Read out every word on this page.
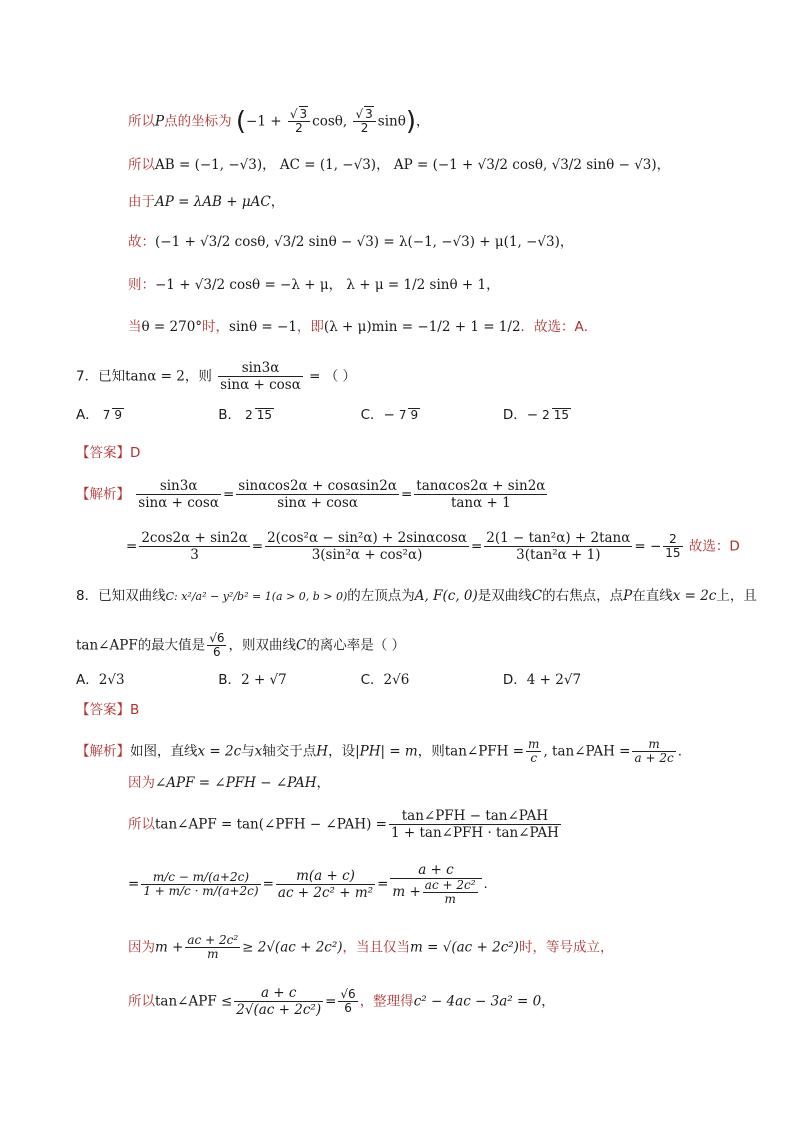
所以P点的坐标为 ($-1 + \frac{√ 3}{2} \cos\theta$, $\frac{√ 3}{2} \sin\theta$)，
所以AB = (−1, −√3)， AC = (1, −√3)， AP = (−1 + √3/2 cosθ, √3/2 sinθ − √3)，
由于AP = λAB + μAC，
故：(−1 + √3/2 cosθ, √3/2 sinθ − √3) = λ(−1, −√3) + μ(1, −√3)，
则：−1 + √3/2 cosθ = −λ + μ， λ + μ = 1/2 sinθ + 1，
当θ = 270°时，sinθ = −1，即(λ + μ)min = −1/2 + 1 = 1/2．故选：A．
7．已知tanα = 2，则 $\frac{\sin 3\alpha}{\sin\alpha + \cos\alpha}$ = （ ）
A． 7 9	B． 2 15	C．− 7 9	D．− 2 15
【答案】D
【解析】 $\frac{\sin 3\alpha}{\sin\alpha + \cos\alpha} = \frac{\sin\alpha\cos 2\alpha + \cos\alpha\sin 2\alpha}{\sin\alpha + \cos\alpha} = \frac{\tan\alpha\cos 2\alpha + \sin 2\alpha}{\tan\alpha + 1}$
= $\frac{2\cos 2\alpha + \sin 2\alpha}{3} = \frac{\text{2(cos²α − sin²α) + 2sinαcosα}}{\text{3(sin²α + cos²α)}} = \frac{\text{2(1 − tan²α) + 2tanα}}{\text{3(tan²α + 1)}}$ = − $\frac{2}{15}$ 故选：D
8．已知双曲线C: x²/a² − y²/b² = 1(a > 0, b > 0)的左顶点为A, F(c, 0)是双曲线C的右焦点，点P在直线x = 2c上，且
tan∠APF的最大值是 $\frac{√6}{6}$ ，则双曲线C的离心率是（ ）
A．2√3	B．2 + √7	C．2√6	D．4 + 2√7
【答案】B
【解析】如图，直线x = 2c与x轴交于点H，设|PH| = m，则tan∠PFH = $\frac{m}{c}$ , tan∠PAH = $\frac{m}{a + 2c}$ .
因为∠APF = ∠PFH − ∠PAH，
所以tan∠APF = tan(∠PFH − ∠PAH) = $\frac{\text{tan∠PFH − tan∠PAH}}{\text{1 + tan∠PFH · tan∠PAH}}$
= $\frac{m/c - m/(a+2c)}{1 + m/c \cdot m/(a+2c)} = \frac{m(a + c)}{\text{ac + 2c² + m²}} = \frac{a + c}{m + \frac{\text{ac + 2c²}}{m}}$ .
因为$m + \frac{\text{ac + 2c²}}{m} \ge 2√(ac + 2c^2)$，当且仅当m = √(ac + 2c²)时，等号成立，
所以tan∠APF ≤ $\frac{a + c}{\text{2√(ac + 2c²)}} = \frac{√6}{6}$ ，整理得c² − 4ac − 3a² = 0，
